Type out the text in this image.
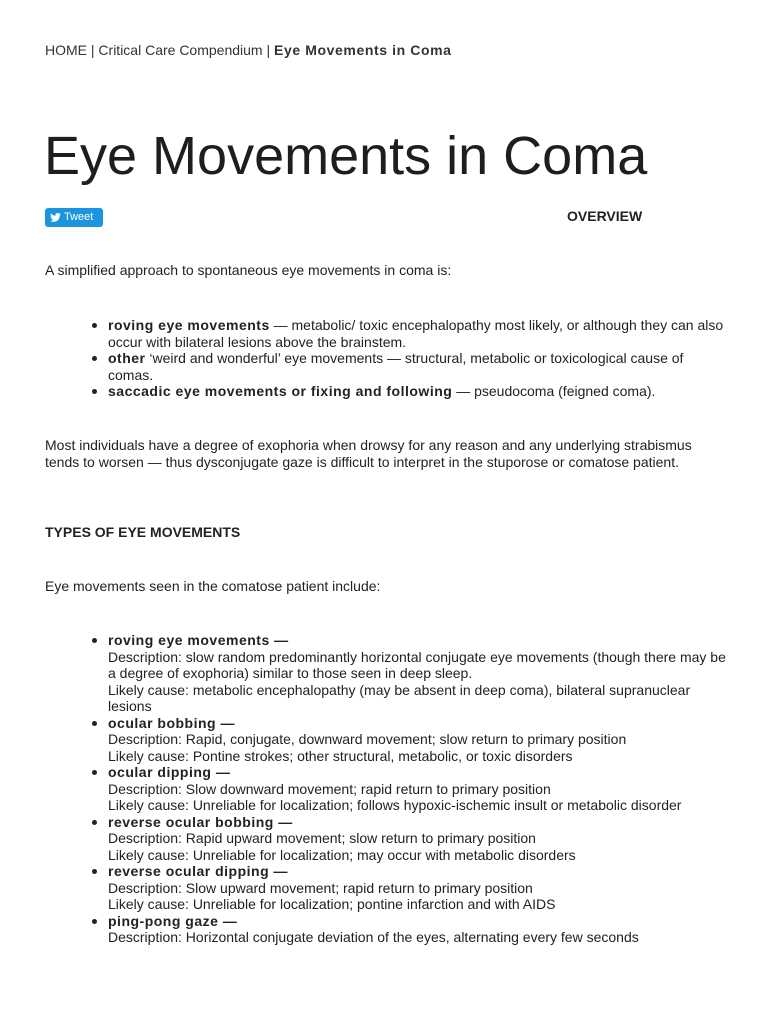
HOME | Critical Care Compendium | Eye Movements in Coma
Eye Movements in Coma
Tweet	OVERVIEW

A simplified approach to spontaneous eye movements in coma is:

roving eye movements — metabolic/ toxic encephalopathy most likely, or although they can also occur with bilateral lesions above the brainstem.
other ‘weird and wonderful’ eye movements — structural, metabolic or toxicological cause of comas.
saccadic eye movements or fixing and following — pseudocoma (feigned coma).

Most individuals have a degree of exophoria when drowsy for any reason and any underlying strabismus tends to worsen — thus dysconjugate gaze is difficult to interpret in the stuporose or comatose patient.

TYPES OF EYE MOVEMENTS

Eye movements seen in the comatose patient include:

roving eye movements —
Description: slow random predominantly horizontal conjugate eye movements (though there may be a degree of exophoria) similar to those seen in deep sleep.
Likely cause: metabolic encephalopathy (may be absent in deep coma), bilateral supranuclear lesions
ocular bobbing —
Description: Rapid, conjugate, downward movement; slow return to primary position
Likely cause: Pontine strokes; other structural, metabolic, or toxic disorders
ocular dipping —
Description: Slow downward movement; rapid return to primary position
Likely cause: Unreliable for localization; follows hypoxic-ischemic insult or metabolic disorder
reverse ocular bobbing —
Description: Rapid upward movement; slow return to primary position
Likely cause: Unreliable for localization; may occur with metabolic disorders
reverse ocular dipping —
Description: Slow upward movement; rapid return to primary position
Likely cause: Unreliable for localization; pontine infarction and with AIDS
ping-pong gaze —
Description: Horizontal conjugate deviation of the eyes, alternating every few seconds
